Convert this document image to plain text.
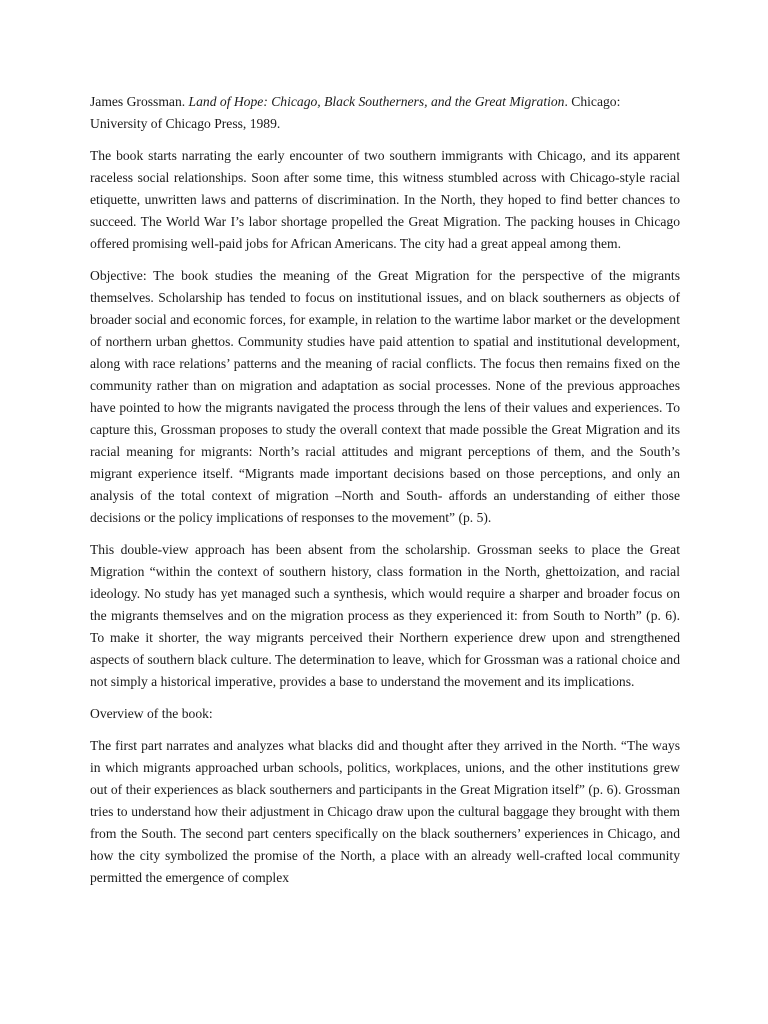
James Grossman. Land of Hope: Chicago, Black Southerners, and the Great Migration. Chicago: University of Chicago Press, 1989.

The book starts narrating the early encounter of two southern immigrants with Chicago, and its apparent raceless social relationships. Soon after some time, this witness stumbled across with Chicago-style racial etiquette, unwritten laws and patterns of discrimination. In the North, they hoped to find better chances to succeed. The World War I’s labor shortage propelled the Great Migration. The packing houses in Chicago offered promising well-paid jobs for African Americans. The city had a great appeal among them.

Objective: The book studies the meaning of the Great Migration for the perspective of the migrants themselves. Scholarship has tended to focus on institutional issues, and on black southerners as objects of broader social and economic forces, for example, in relation to the wartime labor market or the development of northern urban ghettos. Community studies have paid attention to spatial and institutional development, along with race relations’ patterns and the meaning of racial conflicts. The focus then remains fixed on the community rather than on migration and adaptation as social processes. None of the previous approaches have pointed to how the migrants navigated the process through the lens of their values and experiences. To capture this, Grossman proposes to study the overall context that made possible the Great Migration and its racial meaning for migrants: North’s racial attitudes and migrant perceptions of them, and the South’s migrant experience itself. “Migrants made important decisions based on those perceptions, and only an analysis of the total context of migration –North and South- affords an understanding of either those decisions or the policy implications of responses to the movement” (p. 5).

This double-view approach has been absent from the scholarship. Grossman seeks to place the Great Migration “within the context of southern history, class formation in the North, ghettoization, and racial ideology. No study has yet managed such a synthesis, which would require a sharper and broader focus on the migrants themselves and on the migration process as they experienced it: from South to North” (p. 6). To make it shorter, the way migrants perceived their Northern experience drew upon and strengthened aspects of southern black culture. The determination to leave, which for Grossman was a rational choice and not simply a historical imperative, provides a base to understand the movement and its implications.

Overview of the book:

The first part narrates and analyzes what blacks did and thought after they arrived in the North. “The ways in which migrants approached urban schools, politics, workplaces, unions, and the other institutions grew out of their experiences as black southerners and participants in the Great Migration itself” (p. 6). Grossman tries to understand how their adjustment in Chicago draw upon the cultural baggage they brought with them from the South. The second part centers specifically on the black southerners’ experiences in Chicago, and how the city symbolized the promise of the North, a place with an already well-crafted local community permitted the emergence of complex
